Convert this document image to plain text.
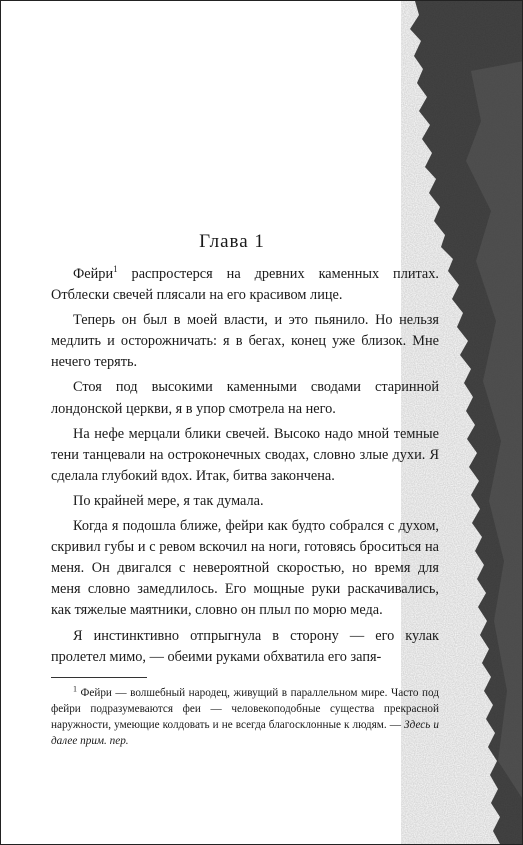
Глава 1

Фейри$^1$ распростерся на древних каменных плитах. Отблески свечей плясали на его красивом лице.

Теперь он был в моей власти, и это пьянило. Но нельзя медлить и осторожничать: я в бегах, конец уже близок. Мне нечего терять.

Стоя под высокими каменными сводами старинной лондонской церкви, я в упор смотрела на него.

На нефе мерцали блики свечей. Высоко надо мной темные тени танцевали на остроконечных сводах, словно злые духи. Я сделала глубокий вдох. Итак, битва закончена.

По крайней мере, я так думала.

Когда я подошла ближе, фейри как будто собрался с духом, скривил губы и с ревом вскочил на ноги, готовясь броситься на меня. Он двигался с невероятной скоростью, но время для меня словно замедлилось. Его мощные руки раскачивались, как тяжелые маятники, словно он плыл по морю меда.

Я инстинктивно отпрыгнула в сторону — его кулак пролетел мимо, — обеими руками обхватила его запя-

$^1$ Фейри — волшебный народец, живущий в параллельном мире. Часто под фейри подразумеваются феи — человекоподобные существа прекрасной наружности, умеющие колдовать и не всегда благосклонные к людям. — Здесь и далее прим. пер.
